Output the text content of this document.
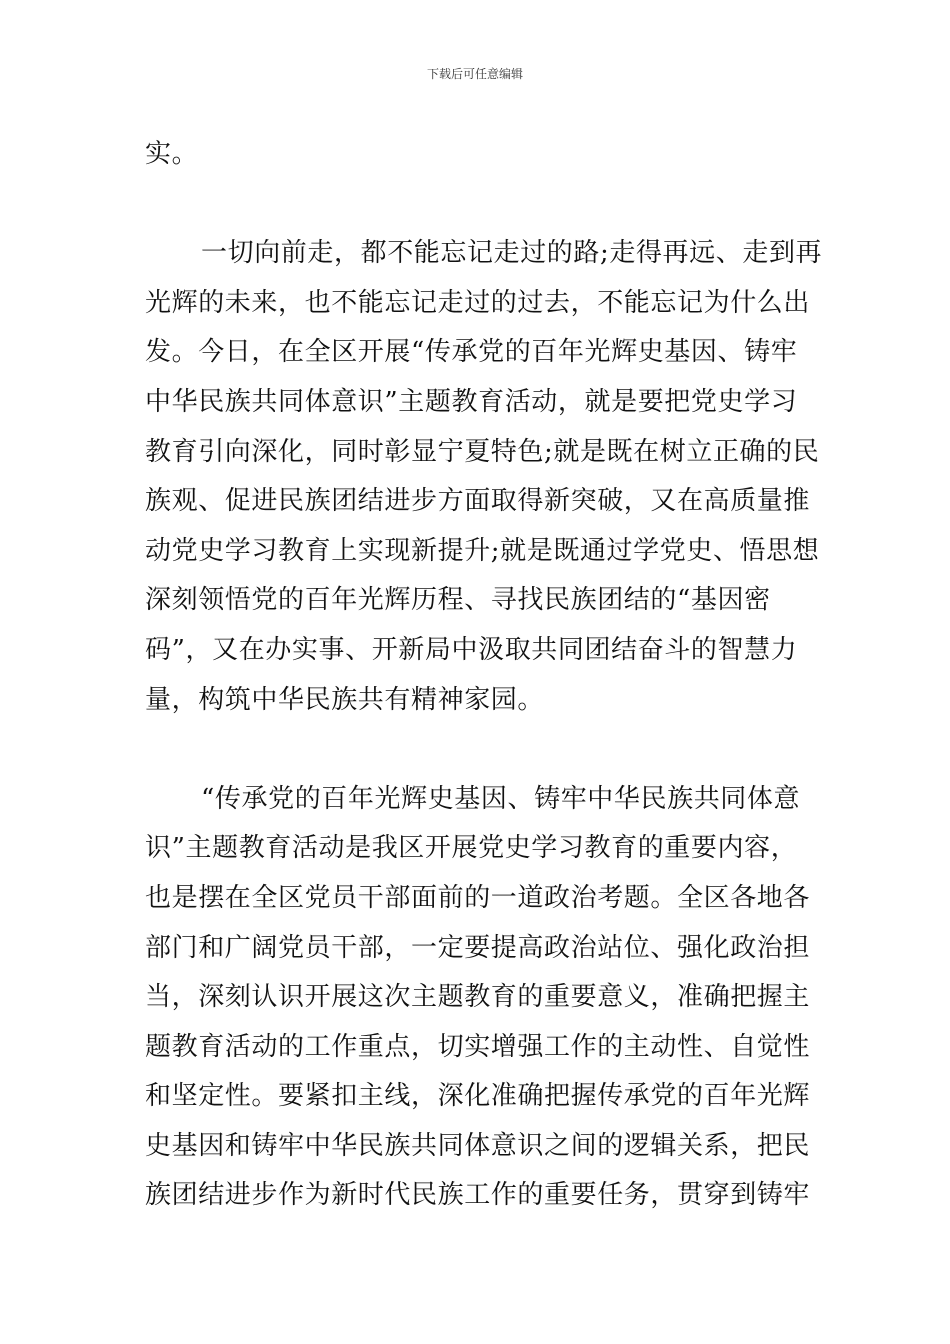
下载后可任意编辑
实。
一切向前走，都不能忘记走过的路;走得再远、走到再
光辉的未来，也不能忘记走过的过去，不能忘记为什么出
发。今日，在全区开展“传承党的百年光辉史基因、铸牢
中华民族共同体意识”主题教育活动，就是要把党史学习
教育引向深化，同时彰显宁夏特色;就是既在树立正确的民
族观、促进民族团结进步方面取得新突破，又在高质量推
动党史学习教育上实现新提升;就是既通过学党史、悟思想
深刻领悟党的百年光辉历程、寻找民族团结的“基因密
码”，又在办实事、开新局中汲取共同团结奋斗的智慧力
量，构筑中华民族共有精神家园。
“传承党的百年光辉史基因、铸牢中华民族共同体意
识”主题教育活动是我区开展党史学习教育的重要内容，
也是摆在全区党员干部面前的一道政治考题。全区各地各
部门和广阔党员干部，一定要提高政治站位、强化政治担
当，深刻认识开展这次主题教育的重要意义，准确把握主
题教育活动的工作重点，切实增强工作的主动性、自觉性
和坚定性。要紧扣主线，深化准确把握传承党的百年光辉
史基因和铸牢中华民族共同体意识之间的逻辑关系，把民
族团结进步作为新时代民族工作的重要任务，贯穿到铸牢
